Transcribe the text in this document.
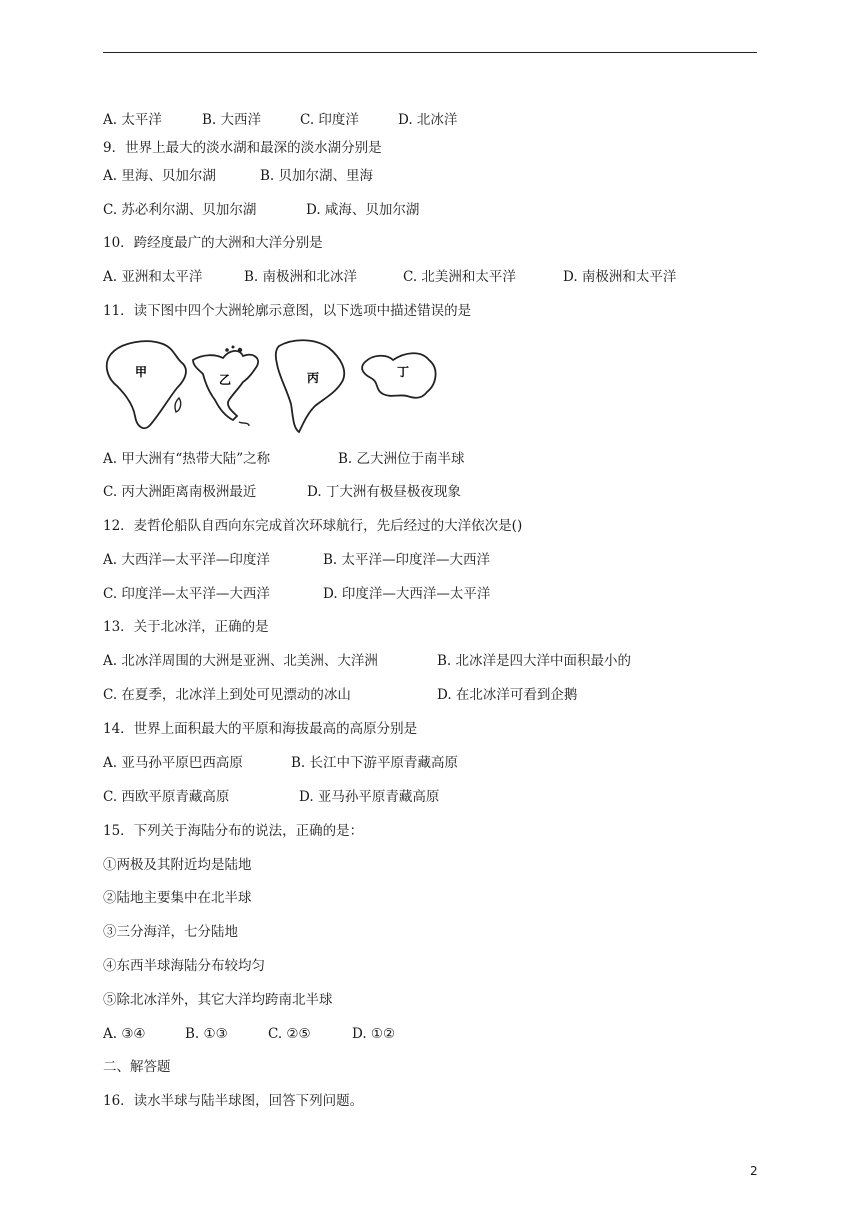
A. 太平洋	B. 大西洋	C. 印度洋	D. 北冰洋
9．世界上最大的淡水湖和最深的淡水湖分别是
A. 里海、贝加尔湖	B. 贝加尔湖、里海
C. 苏必利尔湖、贝加尔湖	D. 咸海、贝加尔湖
10．跨经度最广的大洲和大洋分别是
A. 亚洲和太平洋	B. 南极洲和北冰洋	C. 北美洲和太平洋	D. 南极洲和太平洋
11．读下图中四个大洲轮廓示意图，以下选项中描述错误的是
甲
乙	丙	丁
A. 甲大洲有“热带大陆”之称	B. 乙大洲位于南半球
C. 丙大洲距离南极洲最近	D. 丁大洲有极昼极夜现象
12．麦哲伦船队自西向东完成首次环球航行，先后经过的大洋依次是()
A. 大西洋—太平洋—印度洋	B. 太平洋—印度洋—大西洋
C. 印度洋—太平洋—大西洋	D. 印度洋—大西洋—太平洋
13．关于北冰洋，正确的是
A. 北冰洋周围的大洲是亚洲、北美洲、大洋洲	B. 北冰洋是四大洋中面积最小的
C. 在夏季，北冰洋上到处可见漂动的冰山	D. 在北冰洋可看到企鹅
14．世界上面积最大的平原和海拔最高的高原分别是
A. 亚马孙平原巴西高原	B. 长江中下游平原青藏高原
C. 西欧平原青藏高原	D. 亚马孙平原青藏高原
15．下列关于海陆分布的说法，正确的是：
①两极及其附近均是陆地
②陆地主要集中在北半球
③三分海洋，七分陆地
④东西半球海陆分布较均匀
⑤除北冰洋外，其它大洋均跨南北半球
A. ③④	B. ①③	C. ②⑤	D. ①②
二、解答题
16．读水半球与陆半球图，回答下列问题。
2
